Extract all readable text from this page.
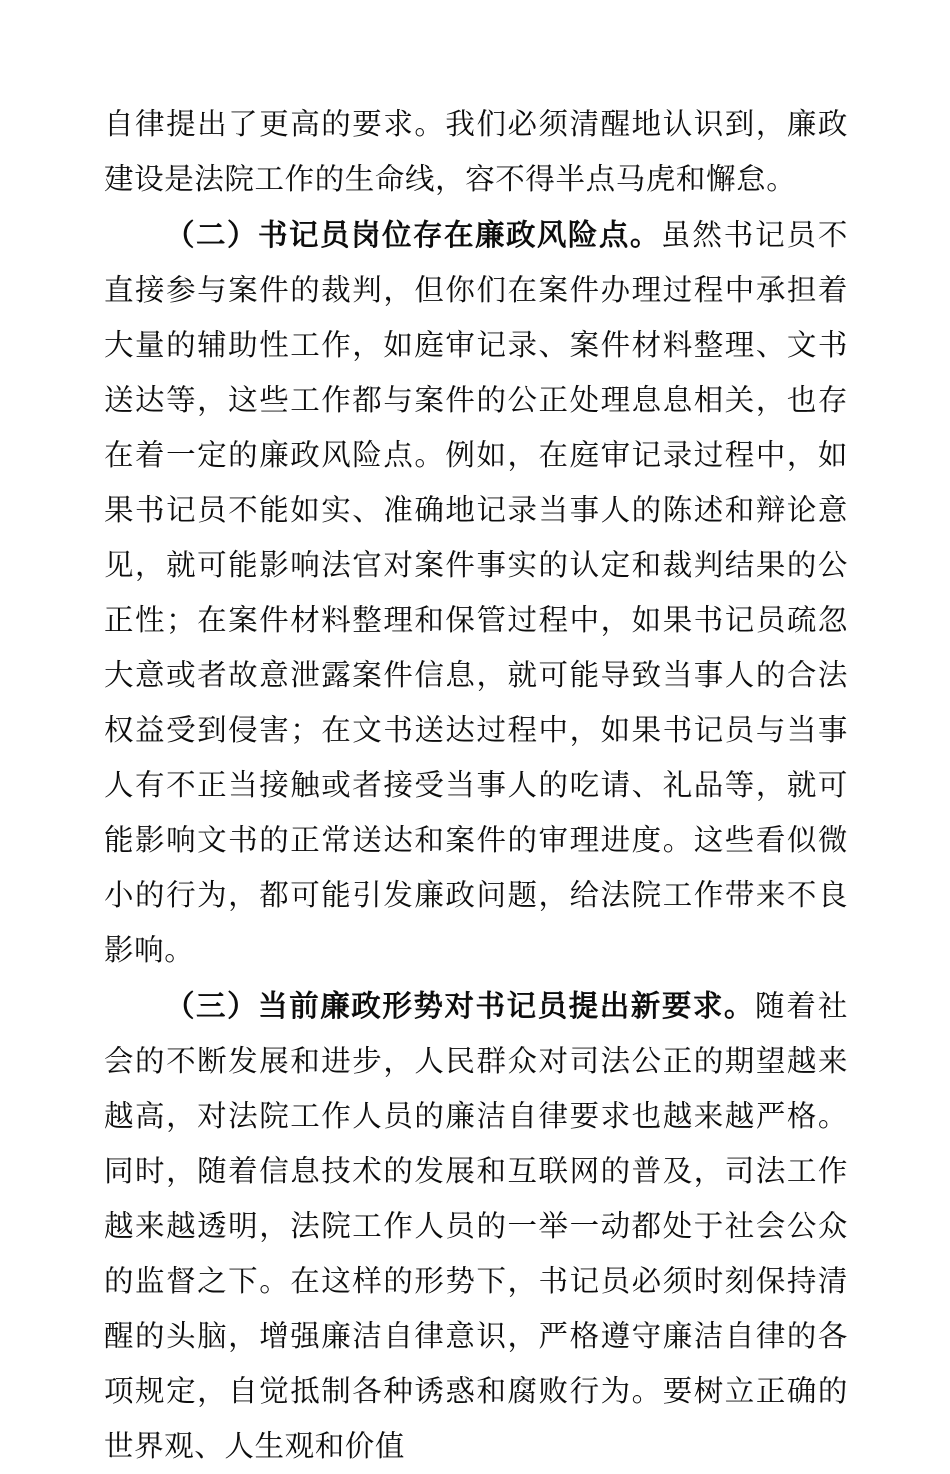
自律提出了更高的要求。我们必须清醒地认识到，廉政建设是法院工作的生命线，容不得半点马虎和懈怠。

（二）书记员岗位存在廉政风险点。虽然书记员不直接参与案件的裁判，但你们在案件办理过程中承担着大量的辅助性工作，如庭审记录、案件材料整理、文书送达等，这些工作都与案件的公正处理息息相关，也存在着一定的廉政风险点。例如，在庭审记录过程中，如果书记员不能如实、准确地记录当事人的陈述和辩论意见，就可能影响法官对案件事实的认定和裁判结果的公正性；在案件材料整理和保管过程中，如果书记员疏忽大意或者故意泄露案件信息，就可能导致当事人的合法权益受到侵害；在文书送达过程中，如果书记员与当事人有不正当接触或者接受当事人的吃请、礼品等，就可能影响文书的正常送达和案件的审理进度。这些看似微小的行为，都可能引发廉政问题，给法院工作带来不良影响。

（三）当前廉政形势对书记员提出新要求。随着社会的不断发展和进步，人民群众对司法公正的期望越来越高，对法院工作人员的廉洁自律要求也越来越严格。同时，随着信息技术的发展和互联网的普及，司法工作越来越透明，法院工作人员的一举一动都处于社会公众的监督之下。在这样的形势下，书记员必须时刻保持清醒的头脑，增强廉洁自律意识，严格遵守廉洁自律的各项规定，自觉抵制各种诱惑和腐败行为。要树立正确的世界观、人生观和价值
